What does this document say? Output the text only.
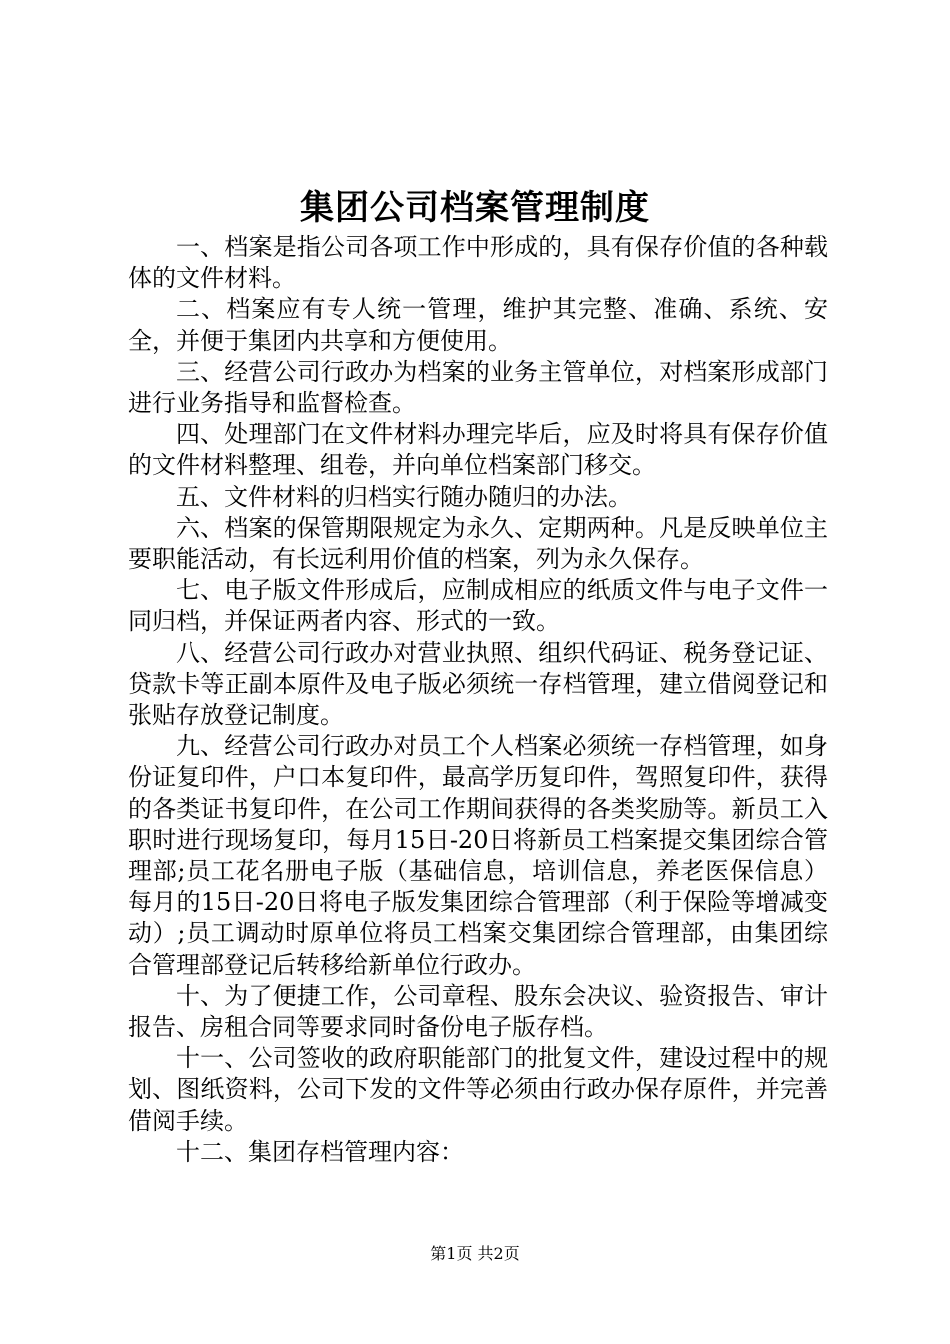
集团公司档案管理制度

一、档案是指公司各项工作中形成的，具有保存价值的各种载体的文件材料。

二、档案应有专人统一管理，维护其完整、准确、系统、安全，并便于集团内共享和方便使用。

三、经营公司行政办为档案的业务主管单位，对档案形成部门进行业务指导和监督检查。

四、处理部门在文件材料办理完毕后，应及时将具有保存价值的文件材料整理、组卷，并向单位档案部门移交。

五、文件材料的归档实行随办随归的办法。

六、档案的保管期限规定为永久、定期两种。凡是反映单位主要职能活动，有长远利用价值的档案，列为永久保存。

七、电子版文件形成后，应制成相应的纸质文件与电子文件一同归档，并保证两者内容、形式的一致。

八、经营公司行政办对营业执照、组织代码证、税务登记证、贷款卡等正副本原件及电子版必须统一存档管理，建立借阅登记和张贴存放登记制度。

九、经营公司行政办对员工个人档案必须统一存档管理，如身份证复印件，户口本复印件，最高学历复印件，驾照复印件，获得的各类证书复印件，在公司工作期间获得的各类奖励等。新员工入职时进行现场复印，每月15日-20日将新员工档案提交集团综合管理部;员工花名册电子版（基础信息，培训信息，养老医保信息）每月的15日-20日将电子版发集团综合管理部（利于保险等增减变动）;员工调动时原单位将员工档案交集团综合管理部，由集团综合管理部登记后转移给新单位行政办。

十、为了便捷工作，公司章程、股东会决议、验资报告、审计报告、房租合同等要求同时备份电子版存档。

十一、公司签收的政府职能部门的批复文件，建设过程中的规划、图纸资料，公司下发的文件等必须由行政办保存原件，并完善借阅手续。

十二、集团存档管理内容：

第1页 共2页
